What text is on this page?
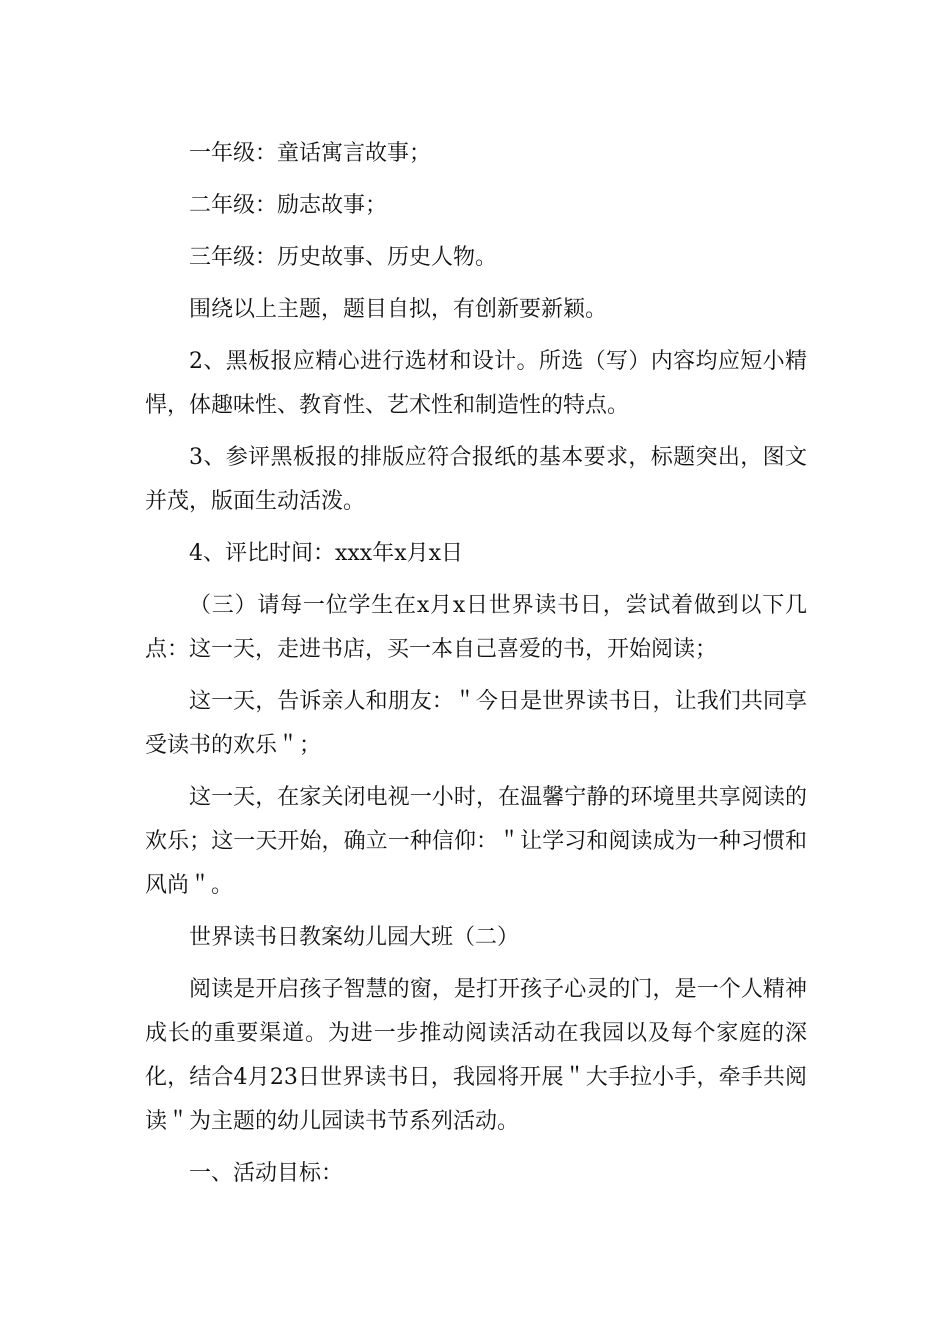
一年级：童话寓言故事；

二年级：励志故事；

三年级：历史故事、历史人物。

围绕以上主题，题目自拟，有创新要新颖。

2、黑板报应精心进行选材和设计。所选（写）内容均应短小精悍，体趣味性、教育性、艺术性和制造性的特点。

3、参评黑板报的排版应符合报纸的基本要求，标题突出，图文并茂，版面生动活泼。

4、评比时间：xxx年x月x日

（三）请每一位学生在x月x日世界读书日，尝试着做到以下几点：这一天，走进书店，买一本自己喜爱的书，开始阅读；

这一天，告诉亲人和朋友：＂今日是世界读书日，让我们共同享受读书的欢乐＂；

这一天，在家关闭电视一小时，在温馨宁静的环境里共享阅读的欢乐；这一天开始，确立一种信仰：＂让学习和阅读成为一种习惯和风尚＂。

世界读书日教案幼儿园大班（二）

阅读是开启孩子智慧的窗，是打开孩子心灵的门，是一个人精神成长的重要渠道。为进一步推动阅读活动在我园以及每个家庭的深化，结合4月23日世界读书日，我园将开展＂大手拉小手，牵手共阅读＂为主题的幼儿园读书节系列活动。

一、活动目标：
